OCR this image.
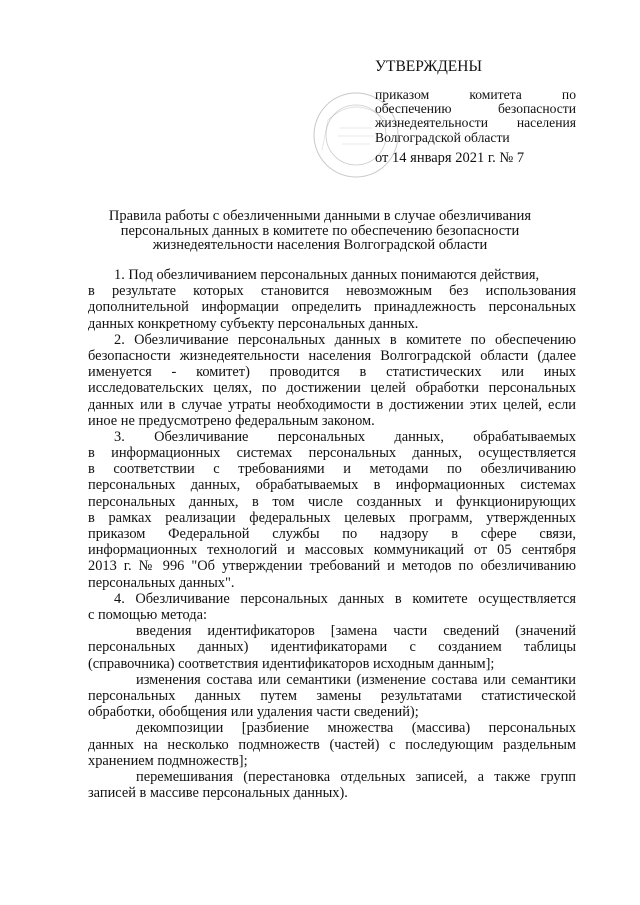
УТВЕРЖДЕНЫ
приказом комитета по
обеспечению безопасности
жизнедеятельности населения
Волгоградской области
от 14 января 2021 г. № 7
Правила работы с обезличенными данными в случае обезличивания
персональных данных в комитете по обеспечению безопасности
жизнедеятельности населения Волгоградской области
1. Под обезличиванием персональных данных понимаются действия,
в результате которых становится невозможным без использования
дополнительной информации определить принадлежность персональных
данных конкретному субъекту персональных данных.
2. Обезличивание персональных данных в комитете по обеспечению
безопасности жизнедеятельности населения Волгоградской области (далее
именуется - комитет) проводится в статистических или иных
исследовательских целях, по достижении целей обработки персональных
данных или в случае утраты необходимости в достижении этих целей, если
иное не предусмотрено федеральным законом.
3. Обезличивание персональных данных, обрабатываемых
в информационных системах персональных данных, осуществляется
в соответствии с требованиями и методами по обезличиванию
персональных данных, обрабатываемых в информационных системах
персональных данных, в том числе созданных и функционирующих
в рамках реализации федеральных целевых программ, утвержденных
приказом Федеральной службы по надзору в сфере связи,
информационных технологий и массовых коммуникаций от 05 сентября
2013 г. № 996 "Об утверждении требований и методов по обезличиванию
персональных данных".
4. Обезличивание персональных данных в комитете осуществляется
с помощью метода:
введения идентификаторов [замена части сведений (значений
персональных данных) идентификаторами с созданием таблицы
(справочника) соответствия идентификаторов исходным данным];
изменения состава или семантики (изменение состава или семантики
персональных данных путем замены результатами статистической
обработки, обобщения или удаления части сведений);
декомпозиции [разбиение множества (массива) персональных
данных на несколько подмножеств (частей) с последующим раздельным
хранением подмножеств];
перемешивания (перестановка отдельных записей, а также групп
записей в массиве персональных данных).
